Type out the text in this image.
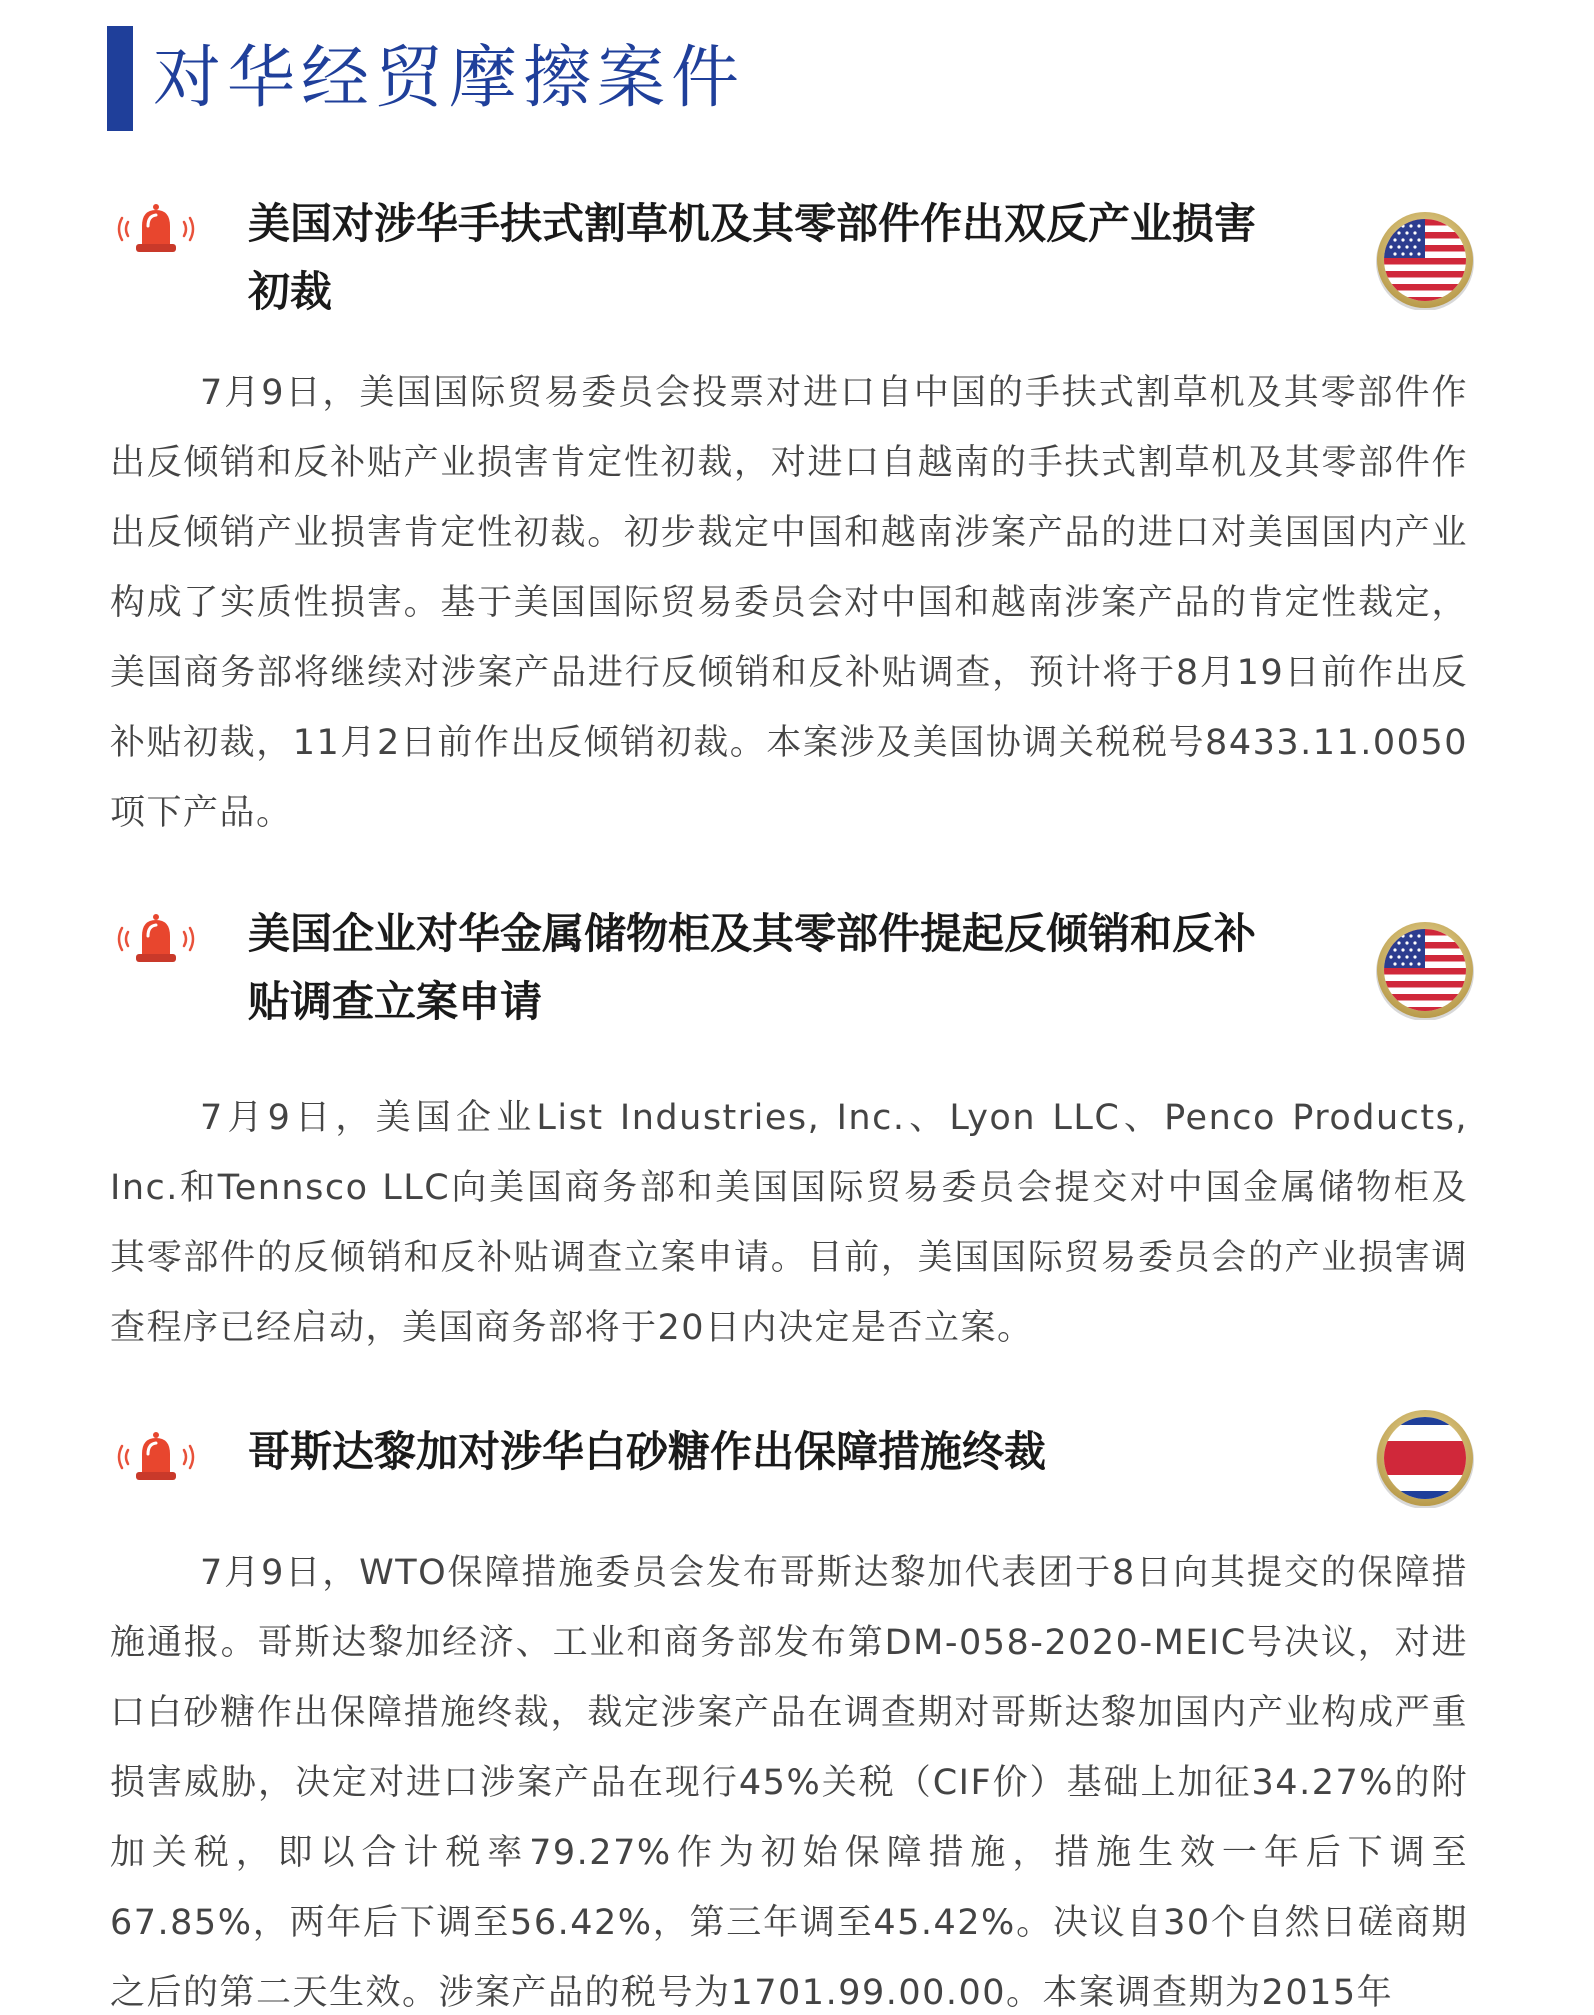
对华经贸摩擦案件
美国对涉华手扶式割草机及其零部件作出双反产业损害初裁

7月9日，美国国际贸易委员会投票对进口自中国的手扶式割草机及其零部件作出反倾销和反补贴产业损害肯定性初裁，对进口自越南的手扶式割草机及其零部件作出反倾销产业损害肯定性初裁。初步裁定中国和越南涉案产品的进口对美国国内产业构成了实质性损害。基于美国国际贸易委员会对中国和越南涉案产品的肯定性裁定，美国商务部将继续对涉案产品进行反倾销和反补贴调查，预计将于8月19日前作出反补贴初裁，11月2日前作出反倾销初裁。本案涉及美国协调关税税号8433.11.0050项下产品。

美国企业对华金属储物柜及其零部件提起反倾销和反补贴调查立案申请

7月9日，美国企业List Industries, Inc.、Lyon LLC、Penco Products, Inc.和Tennsco LLC向美国商务部和美国国际贸易委员会提交对中国金属储物柜及其零部件的反倾销和反补贴调查立案申请。目前，美国国际贸易委员会的产业损害调查程序已经启动，美国商务部将于20日内决定是否立案。

哥斯达黎加对涉华白砂糖作出保障措施终裁

7月9日，WTO保障措施委员会发布哥斯达黎加代表团于8日向其提交的保障措施通报。哥斯达黎加经济、工业和商务部发布第DM-058-2020-MEIC号决议，对进口白砂糖作出保障措施终裁，裁定涉案产品在调查期对哥斯达黎加国内产业构成严重损害威胁，决定对进口涉案产品在现行45%关税（CIF价）基础上加征34.27%的附加关税，即以合计税率79.27%作为初始保障措施，措施生效一年后下调至67.85%，两年后下调至56.42%，第三年调至45.42%。决议自30个自然日磋商期之后的第二天生效。涉案产品的税号为1701.99.00.00。本案调查期为2015年
